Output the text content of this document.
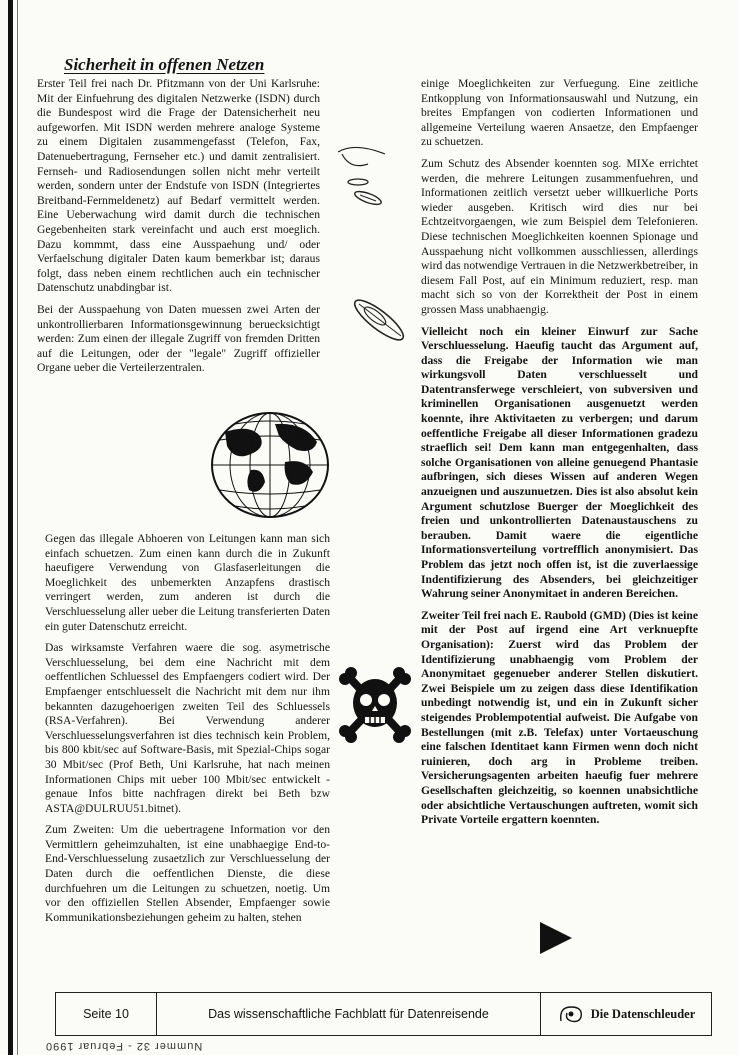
Sicherheit in offenen Netzen

Erster Teil frei nach Dr. Pfitzmann von der Uni Karlsruhe: Mit der Einfuehrung des digitalen Netzwerke (ISDN) durch die Bundespost wird die Frage der Datensicherheit neu aufgeworfen. Mit ISDN werden mehrere analoge Systeme zu einem Digitalen zusammengefasst (Telefon, Fax, Datenuebertragung, Fernseher etc.) und damit zentralisiert. Fernseh- und Radiosendungen sollen nicht mehr verteilt werden, sondern unter der Endstufe von ISDN (Integriertes Breitband-Fernmeldenetz) auf Bedarf vermittelt werden. Eine Ueberwachung wird damit durch die technischen Gegebenheiten stark vereinfacht und auch erst moeglich. Dazu kommmt, dass eine Ausspaehung und/ oder Verfaelschung digitaler Daten kaum bemerkbar ist; daraus folgt, dass neben einem rechtlichen auch ein technischer Datenschutz unabdingbar ist.

Bei der Ausspaehung von Daten muessen zwei Arten der unkontrollierbaren Informationsgewinnung beruecksichtigt werden: Zum einen der illegale Zugriff von fremden Dritten auf die Leitungen, oder der "legale" Zugriff offizieller Organe ueber die Verteilerzentralen.

Gegen das illegale Abhoeren von Leitungen kann man sich einfach schuetzen. Zum einen kann durch die in Zukunft haeufigere Verwendung von Glasfaserleitungen die Moeglichkeit des unbemerkten Anzapfens drastisch verringert werden, zum anderen ist durch die Verschluesselung aller ueber die Leitung transferierten Daten ein guter Datenschutz erreicht.

Das wirksamste Verfahren waere die sog. asymetrische Verschluesselung, bei dem eine Nachricht mit dem oeffentlichen Schluessel des Empfaengers codiert wird. Der Empfaenger entschluesselt die Nachricht mit dem nur ihm bekannten dazugehoerigen zweiten Teil des Schluessels (RSA-Verfahren). Bei Verwendung anderer Verschluesselungsverfahren ist dies technisch kein Problem, bis 800 kbit/sec auf Software-Basis, mit Spezial-Chips sogar 30 Mbit/sec (Prof Beth, Uni Karlsruhe, hat nach meinen Informationen Chips mit ueber 100 Mbit/sec entwickelt - genaue Infos bitte nachfragen direkt bei Beth bzw ASTA@DULRUU51.bitnet).

Zum Zweiten: Um die uebertragene Information vor den Vermittlern geheimzuhalten, ist eine unabhaegige End-to-End-Verschluesselung zusaetzlich zur Verschluesselung der Daten durch die oeffentlichen Dienste, die diese durchfuehren um die Leitungen zu schuetzen, noetig. Um vor den offiziellen Stellen Absender, Empfaenger sowie Kommunikationsbeziehungen geheim zu halten, stehen

einige Moeglichkeiten zur Verfuegung. Eine zeitliche Entkopplung von Informationsauswahl und Nutzung, ein breites Empfangen von codierten Informationen und allgemeine Verteilung waeren Ansaetze, den Empfaenger zu schuetzen.

Zum Schutz des Absender koennten sog. MIXe errichtet werden, die mehrere Leitungen zusammenfuehren, und Informationen zeitlich versetzt ueber willkuerliche Ports wieder ausgeben. Kritisch wird dies nur bei Echtzeitvorgaengen, wie zum Beispiel dem Telefonieren. Diese technischen Moeglichkeiten koennen Spionage und Ausspaehung nicht vollkommen ausschliessen, allerdings wird das notwendige Vertrauen in die Netzwerkbetreiber, in diesem Fall Post, auf ein Minimum reduziert, resp. man macht sich so von der Korrektheit der Post in einem grossen Mass unabhaengig.

Vielleicht noch ein kleiner Einwurf zur Sache Verschluesselung. Haeufig taucht das Argument auf, dass die Freigabe der Information wie man wirkungsvoll Daten verschluesselt und Datentransferwege verschleiert, von subversiven und kriminellen Organisationen ausgenuetzt werden koennte, ihre Aktivitaeten zu verbergen; und darum oeffentliche Freigabe all dieser Informationen gradezu straeflich sei! Dem kann man entgegenhalten, dass solche Organisationen von alleine genuegend Phantasie aufbringen, sich dieses Wissen auf anderen Wegen anzueignen und auszunuetzen. Dies ist also absolut kein Argument schutzlose Buerger der Moeglichkeit des freien und unkontrollierten Datenaustauschens zu berauben. Damit waere die eigentliche Informationsverteilung vortrefflich anonymisiert. Das Problem das jetzt noch offen ist, ist die zuverlaessige Indentifizierung des Absenders, bei gleichzeitiger Wahrung seiner Anonymitaet in anderen Bereichen.

Zweiter Teil frei nach E. Raubold (GMD) (Dies ist keine mit der Post auf irgend eine Art verknuepfte Organisation): Zuerst wird das Problem der Identifizierung unabhaengig vom Problem der Anonymitaet gegenueber anderer Stellen diskutiert. Zwei Beispiele um zu zeigen dass diese Identifikation unbedingt notwendig ist, und ein in Zukunft sicher steigendes Problempotential aufweist. Die Aufgabe von Bestellungen (mit z.B. Telefax) unter Vortaeuschung eine falschen Identitaet kann Firmen wenn doch nicht ruinieren, doch arg in Probleme treiben. Versicherungsagenten arbeiten haeufig fuer mehrere Gesellschaften gleichzeitig, so koennen unabsichtliche oder absichtliche Vertauschungen auftreten, womit sich Private Vorteile ergattern koennten.

Seite 10	Das wissenschaftliche Fachblatt für Datenreisende	Die Datenschleuder
Nummer 32 - Februar 1990
